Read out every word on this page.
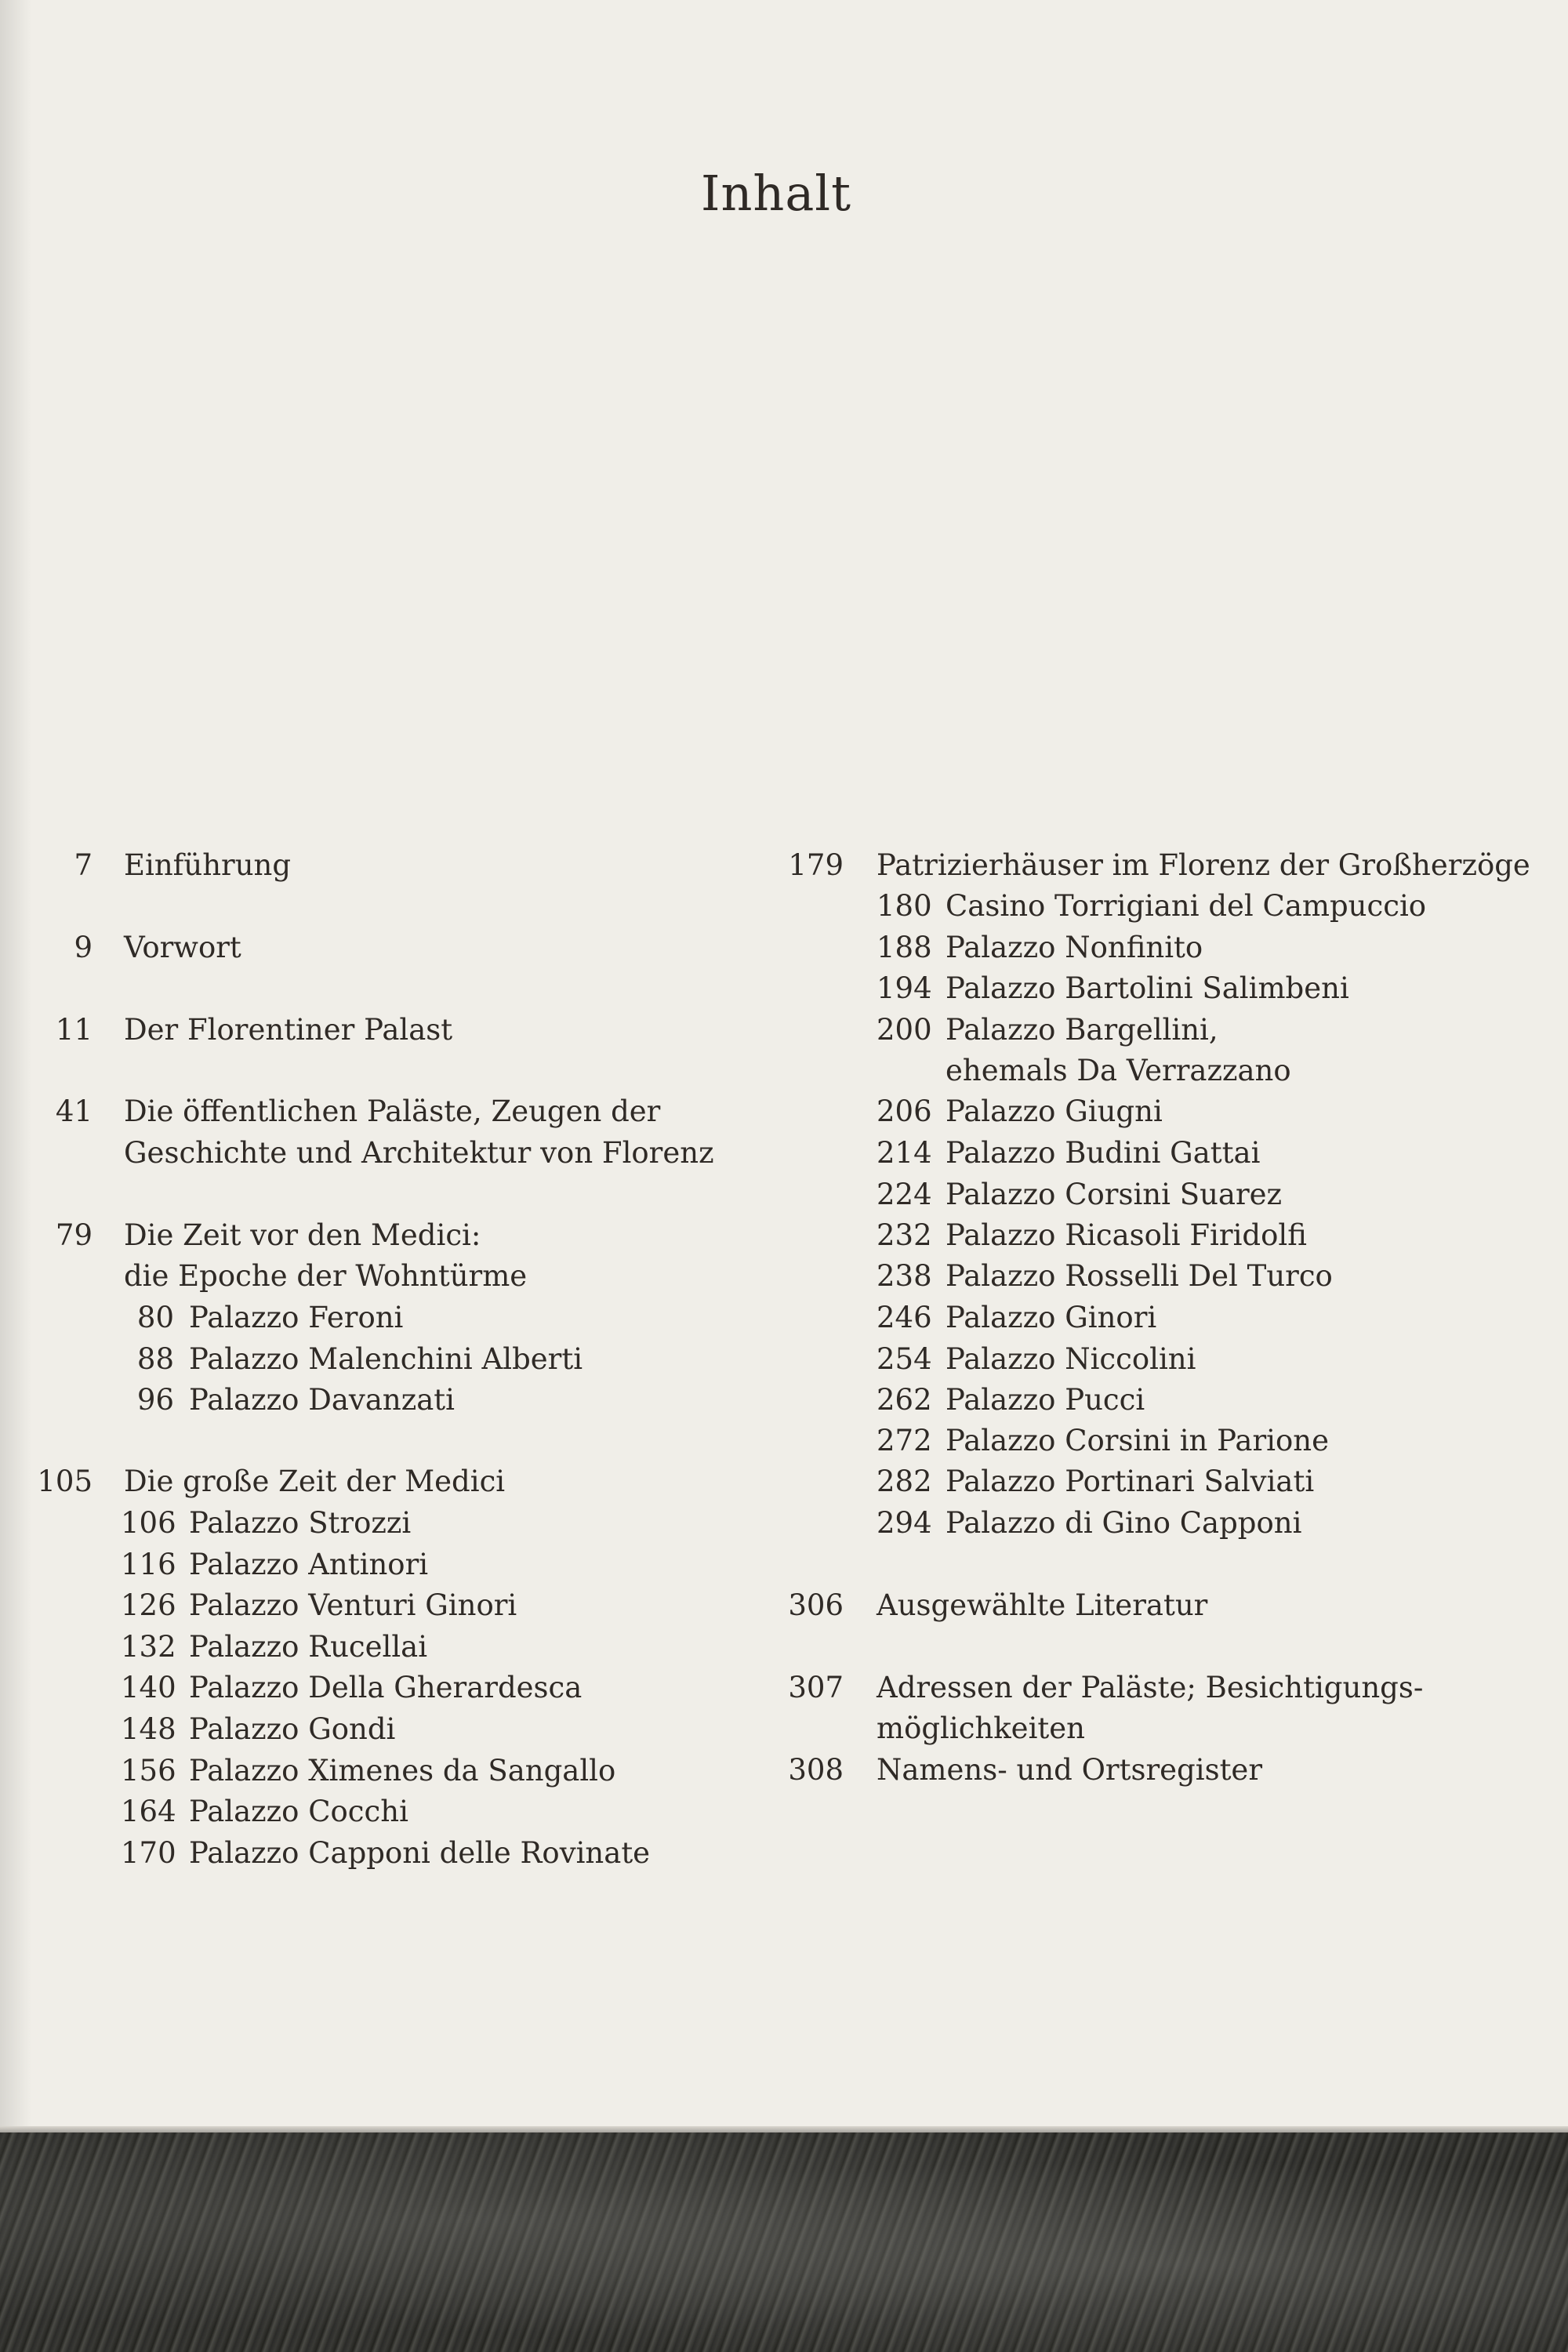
Inhalt
7 Einführung
9 Vorwort
11 Der Florentiner Palast
41 Die öffentlichen Paläste, Zeugen der
Geschichte und Architektur von Florenz
79 Die Zeit vor den Medici:
die Epoche der Wohntürme
80 Palazzo Feroni
88 Palazzo Malenchini Alberti
96 Palazzo Davanzati
105 Die große Zeit der Medici
106 Palazzo Strozzi
116 Palazzo Antinori
126 Palazzo Venturi Ginori
132 Palazzo Rucellai
140 Palazzo Della Gherardesca
148 Palazzo Gondi
156 Palazzo Ximenes da Sangallo
164 Palazzo Cocchi
170 Palazzo Capponi delle Rovinate
179 Patrizierhäuser im Florenz der Großherzöge
180 Casino Torrigiani del Campuccio
188 Palazzo Nonfinito
194 Palazzo Bartolini Salimbeni
200 Palazzo Bargellini,
ehemals Da Verrazzano
206 Palazzo Giugni
214 Palazzo Budini Gattai
224 Palazzo Corsini Suarez
232 Palazzo Ricasoli Firidolfi
238 Palazzo Rosselli Del Turco
246 Palazzo Ginori
254 Palazzo Niccolini
262 Palazzo Pucci
272 Palazzo Corsini in Parione
282 Palazzo Portinari Salviati
294 Palazzo di Gino Capponi
306 Ausgewählte Literatur
307 Adressen der Paläste; Besichtigungs-
möglichkeiten
308 Namens- und Ortsregister
